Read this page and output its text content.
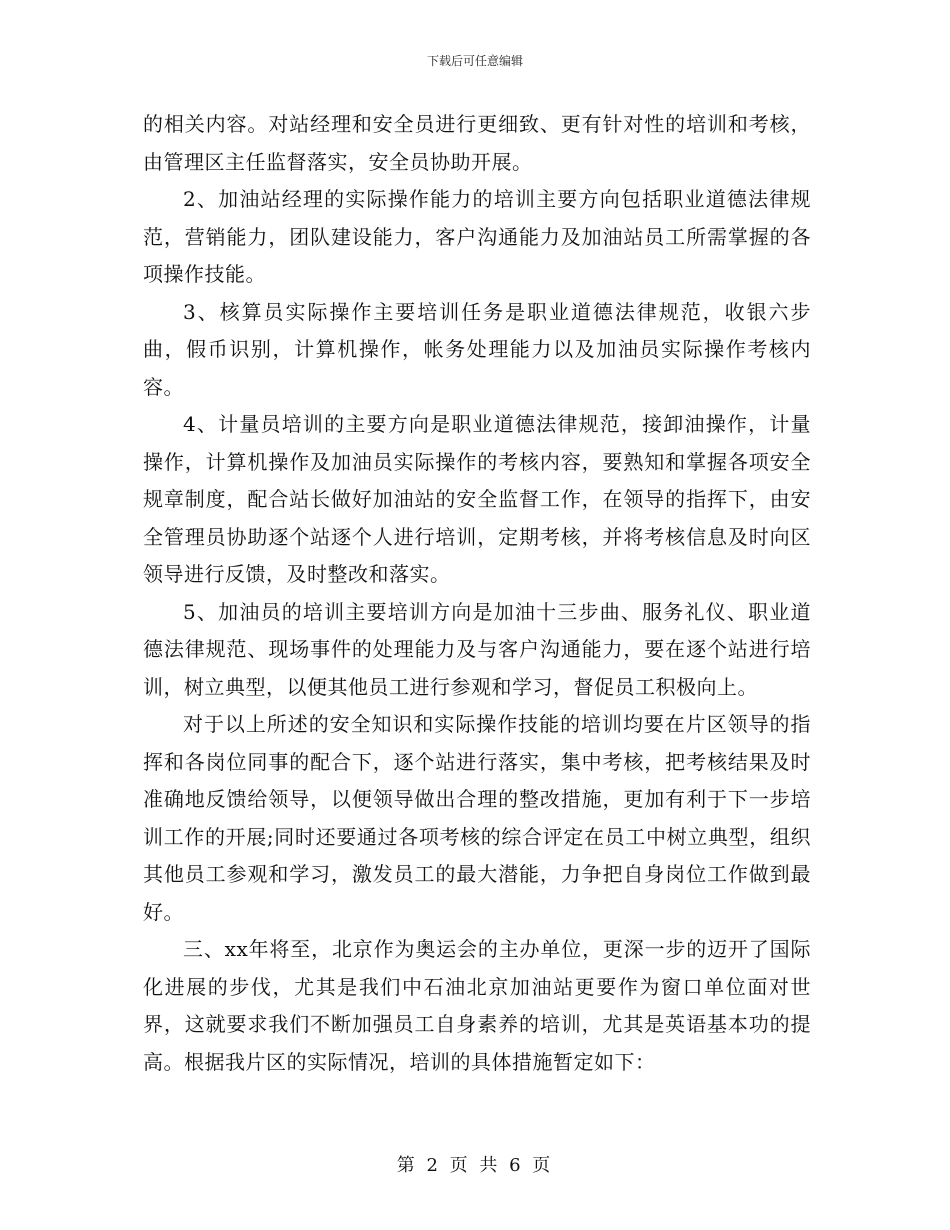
下载后可任意编辑

的相关内容。对站经理和安全员进行更细致、更有针对性的培训和考核，由管理区主任监督落实，安全员协助开展。

2、加油站经理的实际操作能力的培训主要方向包括职业道德法律规范，营销能力，团队建设能力，客户沟通能力及加油站员工所需掌握的各项操作技能。

3、核算员实际操作主要培训任务是职业道德法律规范，收银六步曲，假币识别，计算机操作，帐务处理能力以及加油员实际操作考核内容。

4、计量员培训的主要方向是职业道德法律规范，接卸油操作，计量操作，计算机操作及加油员实际操作的考核内容，要熟知和掌握各项安全规章制度，配合站长做好加油站的安全监督工作，在领导的指挥下，由安全管理员协助逐个站逐个人进行培训，定期考核，并将考核信息及时向区领导进行反馈，及时整改和落实。

5、加油员的培训主要培训方向是加油十三步曲、服务礼仪、职业道德法律规范、现场事件的处理能力及与客户沟通能力，要在逐个站进行培训，树立典型，以便其他员工进行参观和学习，督促员工积极向上。

对于以上所述的安全知识和实际操作技能的培训均要在片区领导的指挥和各岗位同事的配合下，逐个站进行落实，集中考核，把考核结果及时准确地反馈给领导，以便领导做出合理的整改措施，更加有利于下一步培训工作的开展;同时还要通过各项考核的综合评定在员工中树立典型，组织其他员工参观和学习，激发员工的最大潜能，力争把自身岗位工作做到最好。

三、xx年将至，北京作为奥运会的主办单位，更深一步的迈开了国际化进展的步伐，尤其是我们中石油北京加油站更要作为窗口单位面对世界，这就要求我们不断加强员工自身素养的培训，尤其是英语基本功的提高。根据我片区的实际情况，培训的具体措施暂定如下：

第 2 页 共 6 页
